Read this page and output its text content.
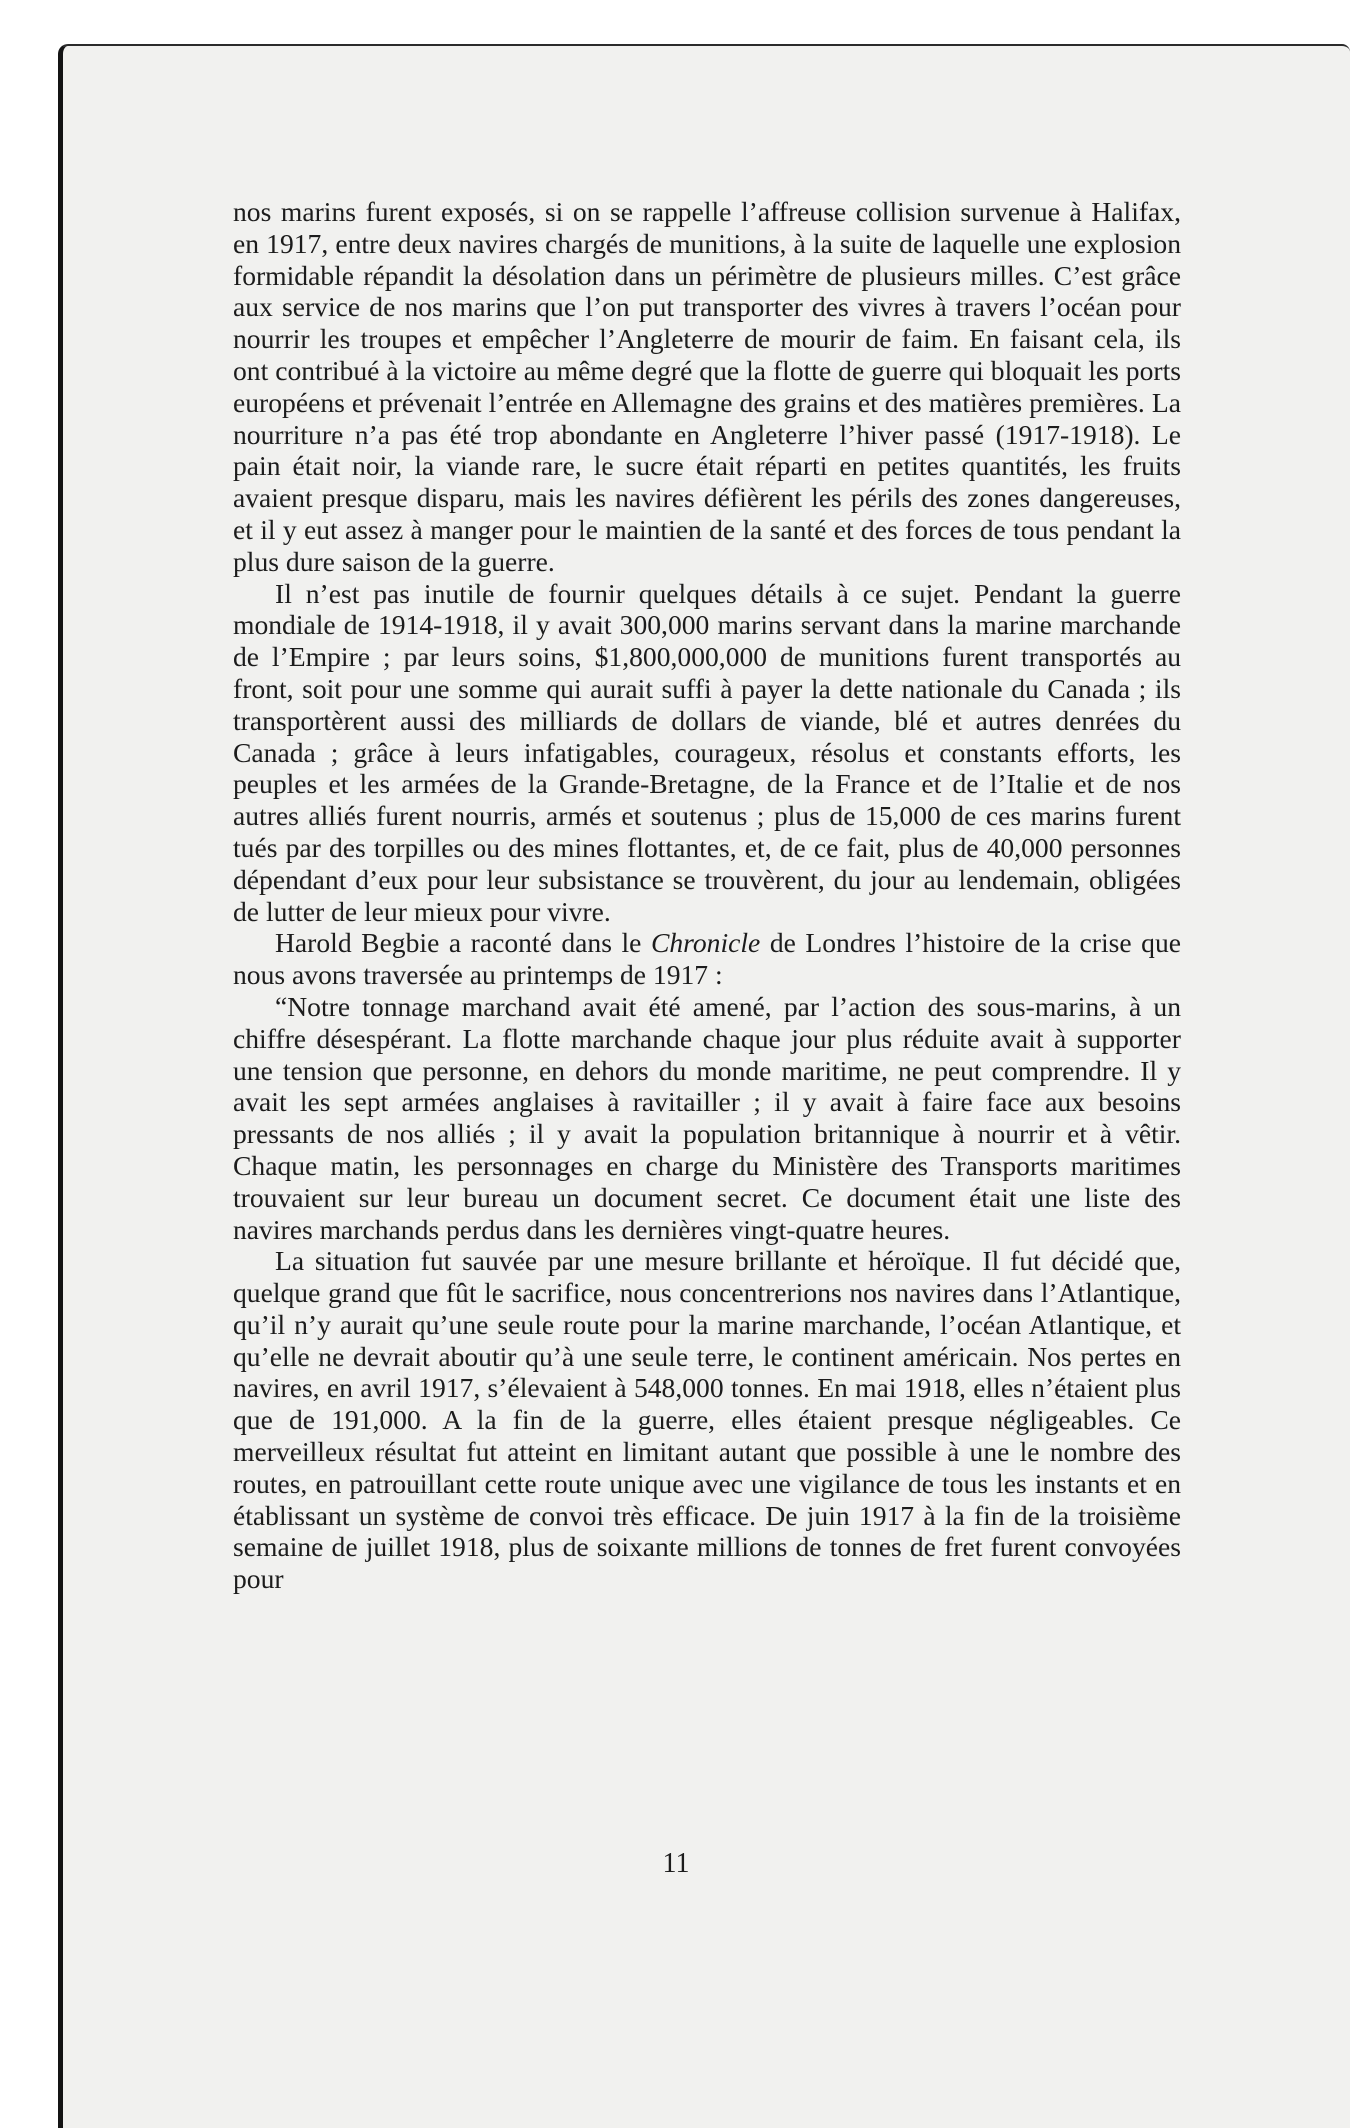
nos marins furent exposés, si on se rappelle l’affreuse collision survenue à Halifax, en 1917, entre deux navires chargés de munitions, à la suite de laquelle une explosion formidable répandit la désolation dans un périmètre de plusieurs milles. C’est grâce aux service de nos marins que l’on put transporter des vivres à travers l’océan pour nourrir les troupes et empêcher l’Angleterre de mourir de faim. En faisant cela, ils ont contribué à la victoire au même degré que la flotte de guerre qui bloquait les ports européens et prévenait l’entrée en Allemagne des grains et des matières premières. La nourriture n’a pas été trop abondante en Angleterre l’hiver passé (1917-1918). Le pain était noir, la viande rare, le sucre était réparti en petites quantités, les fruits avaient presque disparu, mais les navires défièrent les périls des zones dangereuses, et il y eut assez à manger pour le maintien de la santé et des forces de tous pendant la plus dure saison de la guerre.

Il n’est pas inutile de fournir quelques détails à ce sujet. Pendant la guerre mondiale de 1914-1918, il y avait 300,000 marins servant dans la marine marchande de l’Empire ; par leurs soins, $1,800,000,000 de munitions furent transportés au front, soit pour une somme qui aurait suffi à payer la dette nationale du Canada ; ils transportèrent aussi des milliards de dollars de viande, blé et autres denrées du Canada ; grâce à leurs infatigables, courageux, résolus et constants efforts, les peuples et les armées de la Grande-Bretagne, de la France et de l’Italie et de nos autres alliés furent nourris, armés et soutenus ; plus de 15,000 de ces marins furent tués par des torpilles ou des mines flottantes, et, de ce fait, plus de 40,000 personnes dépendant d’eux pour leur subsistance se trouvèrent, du jour au lendemain, obligées de lutter de leur mieux pour vivre.

Harold Begbie a raconté dans le Chronicle de Londres l’histoire de la crise que nous avons traversée au printemps de 1917 :

“Notre tonnage marchand avait été amené, par l’action des sous-marins, à un chiffre désespérant. La flotte marchande chaque jour plus réduite avait à supporter une tension que personne, en dehors du monde maritime, ne peut comprendre. Il y avait les sept armées anglaises à ravitailler ; il y avait à faire face aux besoins pressants de nos alliés ; il y avait la population britannique à nourrir et à vêtir. Chaque matin, les personnages en charge du Ministère des Transports maritimes trouvaient sur leur bureau un document secret. Ce document était une liste des navires marchands perdus dans les dernières vingt-quatre heures.

La situation fut sauvée par une mesure brillante et héroïque. Il fut décidé que, quelque grand que fût le sacrifice, nous concentrerions nos navires dans l’Atlantique, qu’il n’y aurait qu’une seule route pour la marine marchande, l’océan Atlantique, et qu’elle ne devrait aboutir qu’à une seule terre, le continent américain. Nos pertes en navires, en avril 1917, s’élevaient à 548,000 tonnes. En mai 1918, elles n’étaient plus que de 191,000. A la fin de la guerre, elles étaient presque négligeables. Ce merveilleux résultat fut atteint en limitant autant que possible à une le nombre des routes, en patrouillant cette route unique avec une vigilance de tous les instants et en établissant un système de convoi très efficace. De juin 1917 à la fin de la troisième semaine de juillet 1918, plus de soixante millions de tonnes de fret furent convoyées pour

11
